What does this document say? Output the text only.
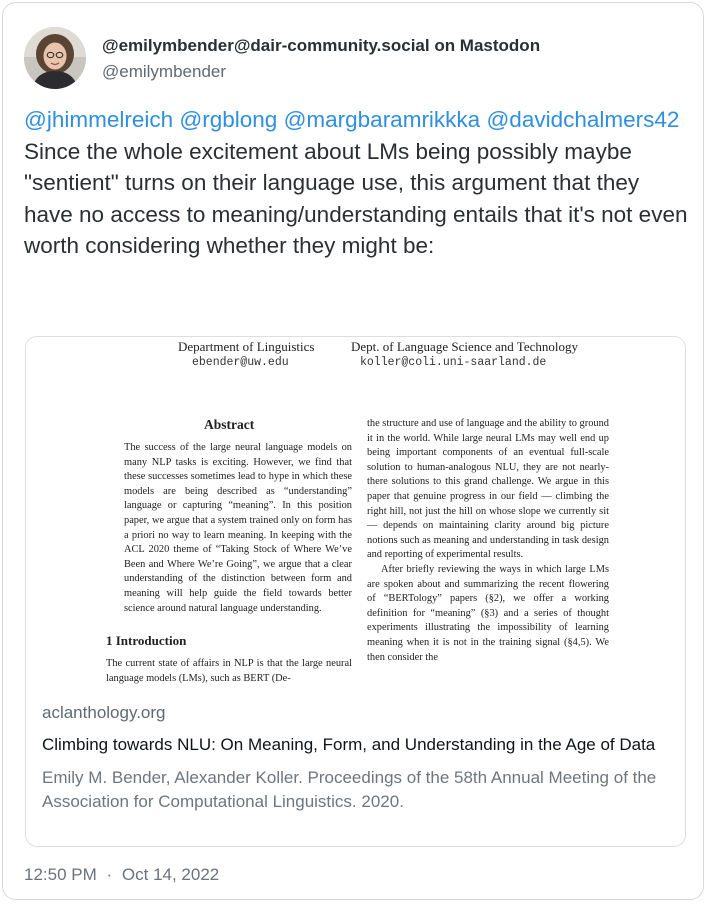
@emilymbender@dair-community.social on Mastodon
@emilymbender
@jhimmelreich @rgblong @margbaramrikkka @davidchalmers42 Since the whole excitement about LMs being possibly maybe "sentient" turns on their language use, this argument that they have no access to meaning/understanding entails that it's not even worth considering whether they might be:
Department of Linguistics
ebender@uw.edu
Dept. of Language Science and Technology
koller@coli.uni-saarland.de
Abstract
The success of the large neural language models on many NLP tasks is exciting. However, we find that these successes sometimes lead to hype in which these models are being described as “understanding” language or capturing “meaning”. In this position paper, we argue that a system trained only on form has a priori no way to learn meaning. In keeping with the ACL 2020 theme of “Taking Stock of Where We’ve Been and Where We’re Going”, we argue that a clear understanding of the distinction between form and meaning will help guide the field towards better science around natural language understanding.
1 Introduction
The current state of affairs in NLP is that the large neural language models (LMs), such as BERT (De-
the structure and use of language and the ability to ground it in the world. While large neural LMs may well end up being important components of an eventual full-scale solution to human-analogous NLU, they are not nearly-there solutions to this grand challenge. We argue in this paper that genuine progress in our field — climbing the right hill, not just the hill on whose slope we currently sit — depends on maintaining clarity around big picture notions such as meaning and understanding in task design and reporting of experimental results.
After briefly reviewing the ways in which large LMs are spoken about and summarizing the recent flowering of “BERTology” papers (§2), we offer a working definition for “meaning” (§3) and a series of thought experiments illustrating the impossibility of learning meaning when it is not in the training signal (§4,5). We then consider the
aclanthology.org
Climbing towards NLU: On Meaning, Form, and Understanding in the Age of Data
Emily M. Bender, Alexander Koller. Proceedings of the 58th Annual Meeting of the Association for Computational Linguistics. 2020.
12:50 PM · Oct 14, 2022
